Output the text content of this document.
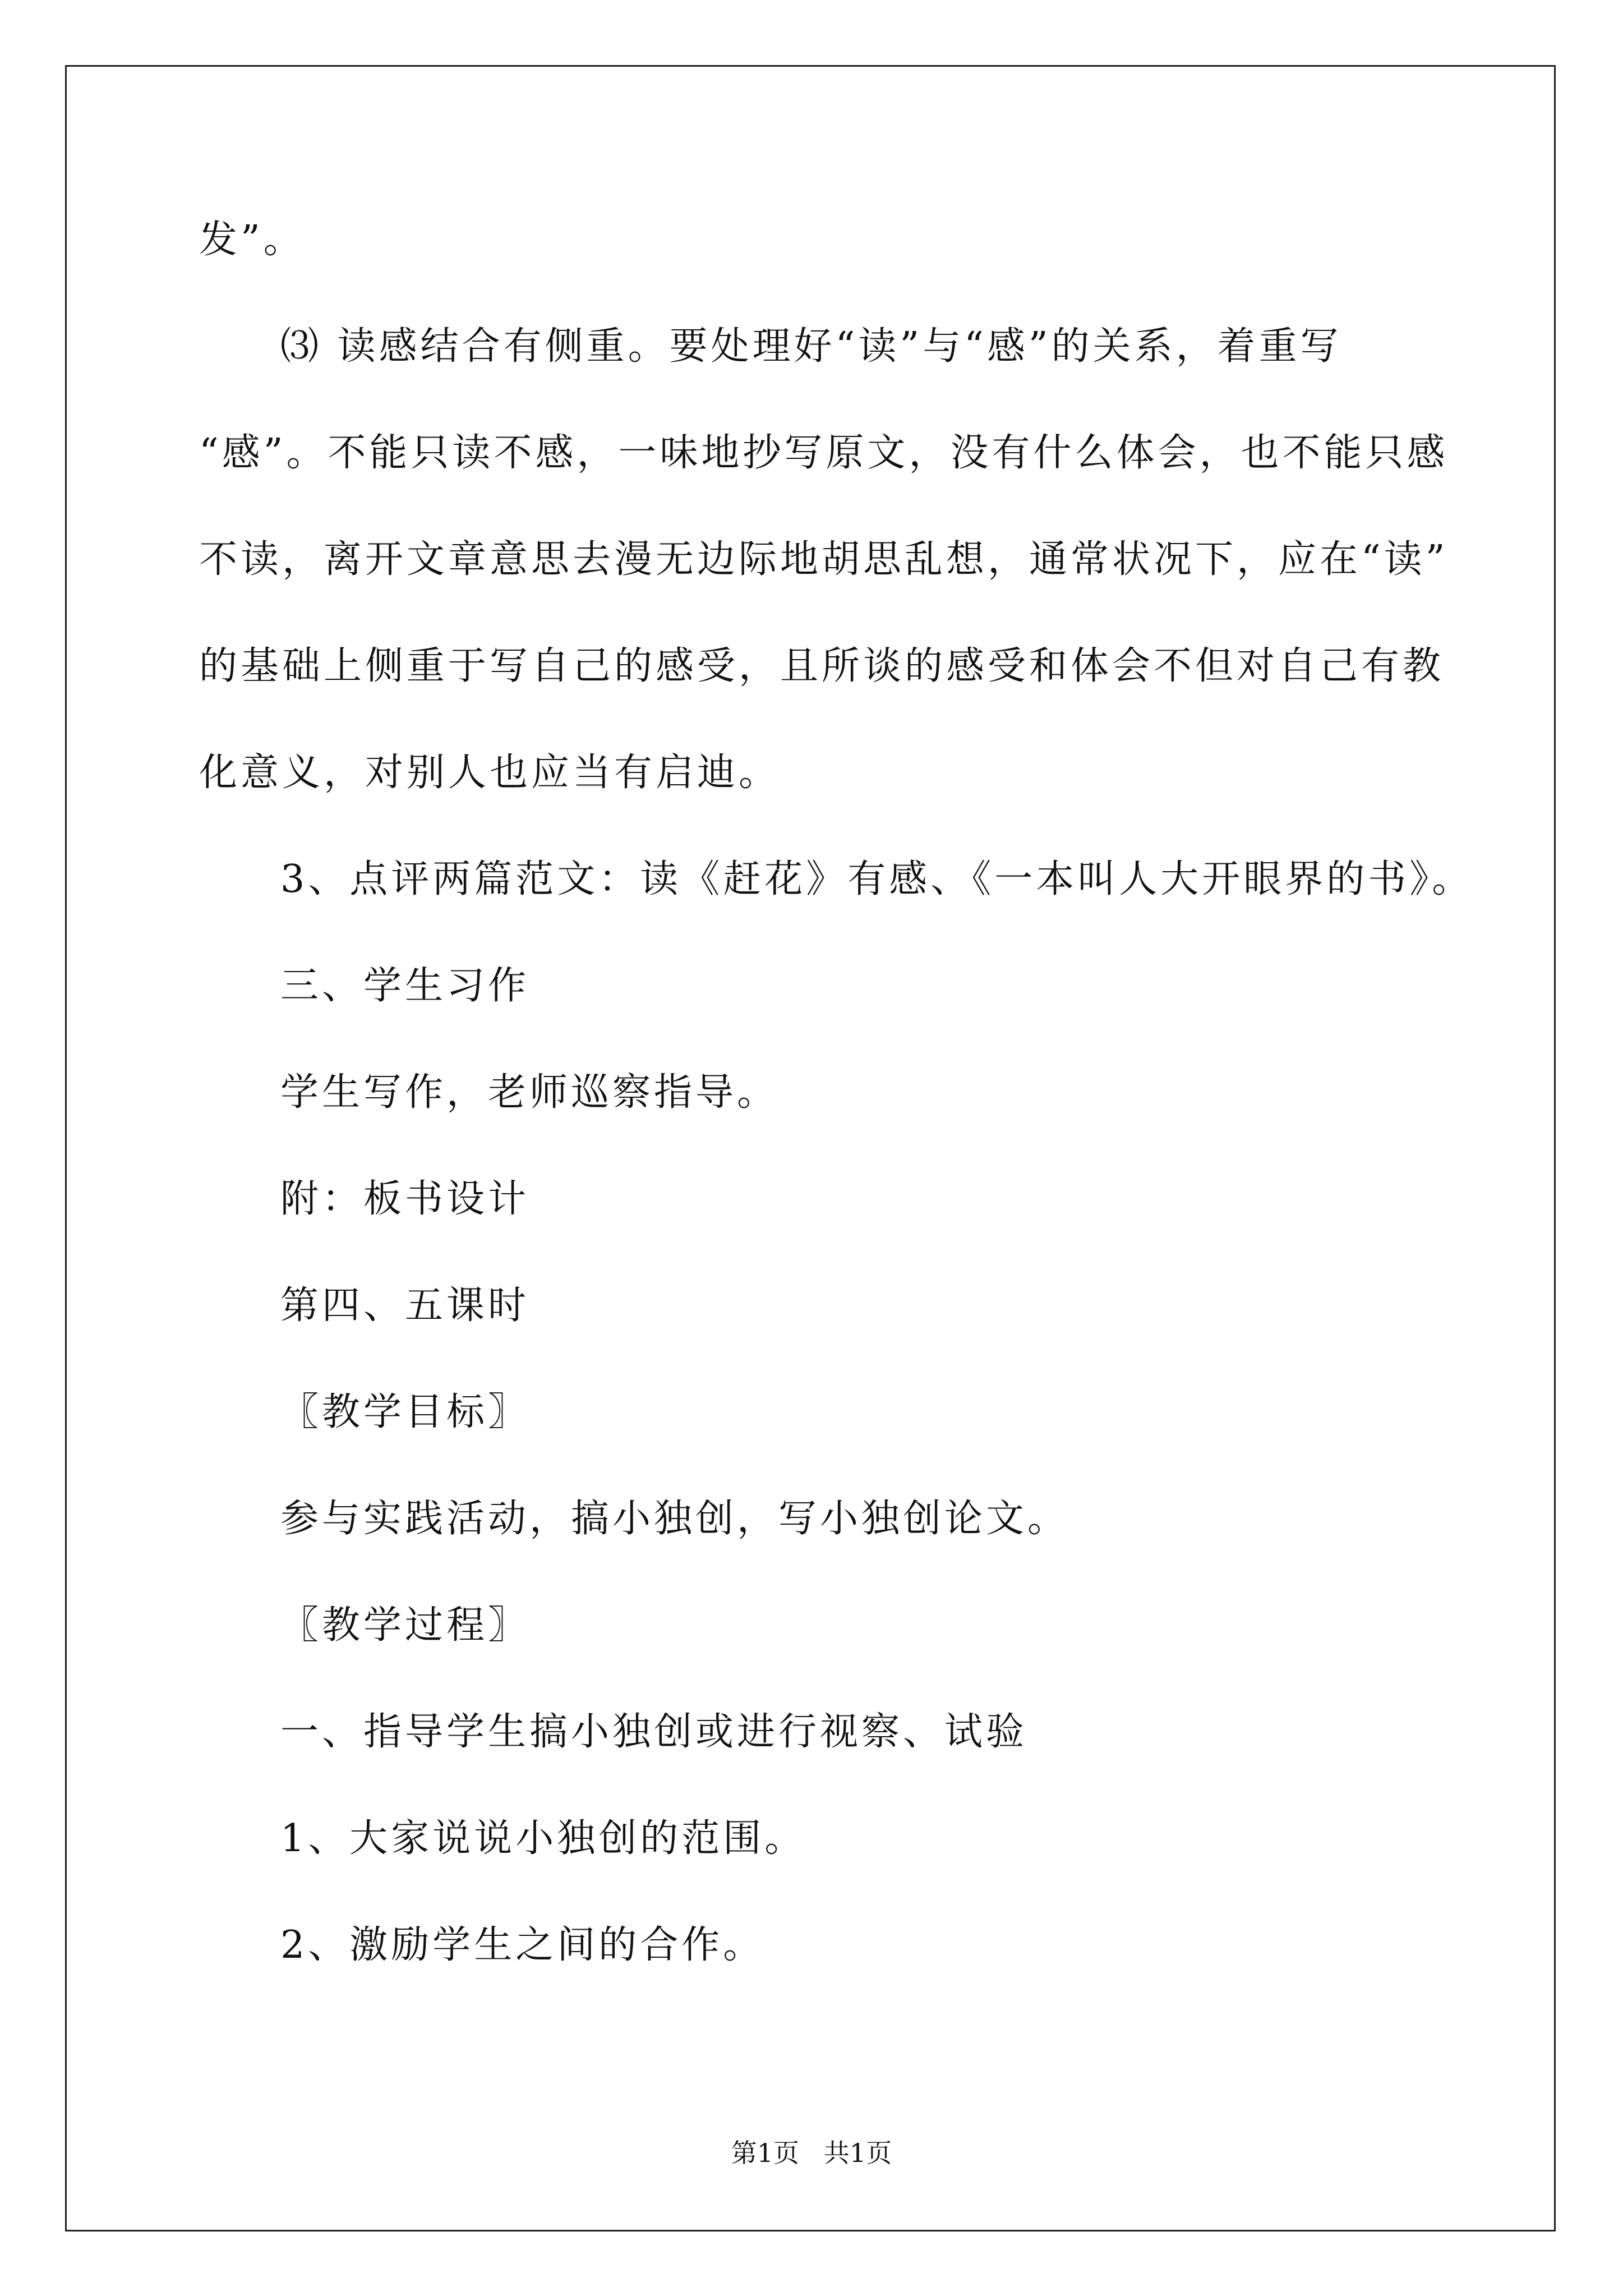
发”。
⑶ 读感结合有侧重。要处理好“读”与“感”的关系，着重写
“感”。不能只读不感，一味地抄写原文，没有什么体会，也不能只感
不读，离开文章意思去漫无边际地胡思乱想，通常状况下，应在“读”
的基础上侧重于写自己的感受，且所谈的感受和体会不但对自己有教
化意义，对别人也应当有启迪。
3、点评两篇范文：读《赶花》有感、《一本叫人大开眼界的书》。
三、学生习作
学生写作，老师巡察指导。
附：板书设计
第四、五课时
〖教学目标〗
参与实践活动，搞小独创，写小独创论文。
〖教学过程〗
一、指导学生搞小独创或进行视察、试验
1、大家说说小独创的范围。
2、激励学生之间的合作。
第1页   共1页
